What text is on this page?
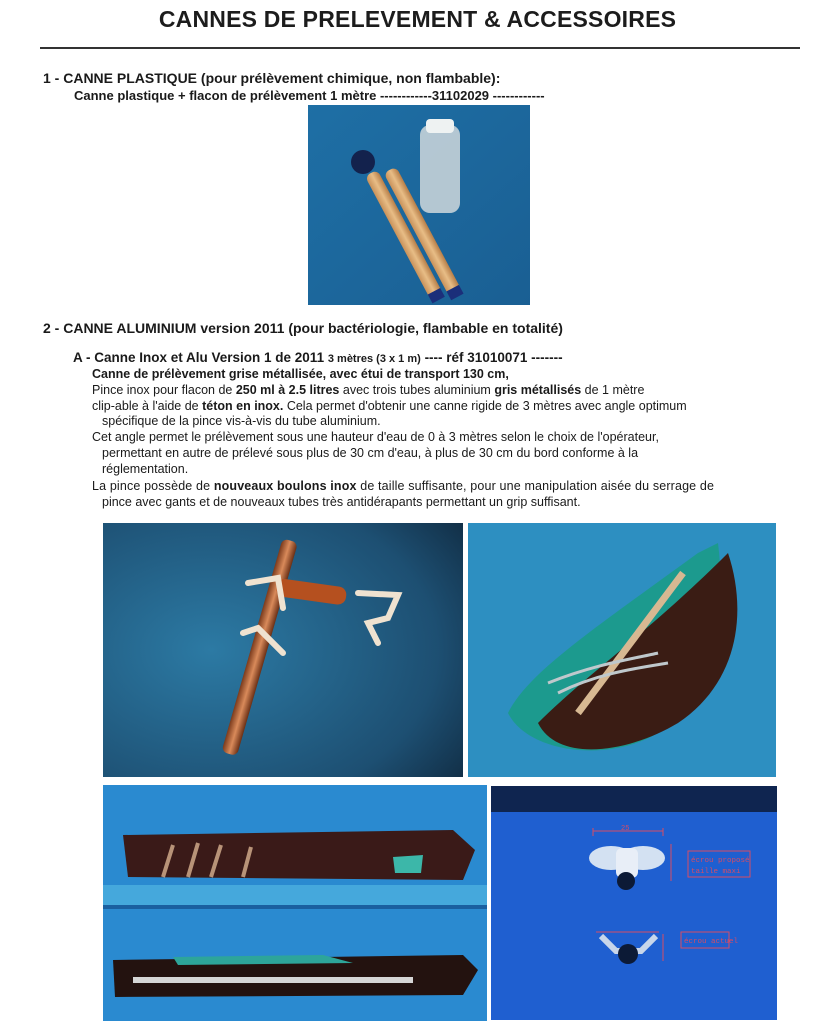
CANNES DE PRELEVEMENT & ACCESSOIRES
1 - CANNE PLASTIQUE (pour prélèvement chimique, non flambable):
Canne plastique + flacon de prélèvement 1 mètre ------------31102029 ------------
2 - CANNE ALUMINIUM version 2011 (pour bactériologie, flambable en totalité)
A - Canne Inox et Alu Version 1 de 2011 3 mètres (3 x 1 m) ---- réf 31010071 -------
Canne de prélèvement grise métallisée, avec étui de transport 130 cm,
Pince inox pour flacon de 250 ml à 2.5 litres avec trois tubes aluminium gris métallisés de 1 mètre
clip-able à l'aide de téton en inox. Cela permet d'obtenir une canne rigide de 3 mètres avec angle optimum
spécifique de la pince vis-à-vis du tube aluminium.
Cet angle permet le prélèvement sous une hauteur d'eau de 0 à 3 mètres selon le choix de l'opérateur,
permettant en autre de prélevé sous plus de 30 cm d'eau, à plus de 30 cm du bord conforme à la
réglementation.
La pince possède de nouveaux boulons inox de taille suffisante, pour une manipulation aisée du serrage de
pince avec gants et de nouveaux tubes très antidérapants permettant un grip suffisant.
25
écrou proposé
taille maxi
écrou actuel
